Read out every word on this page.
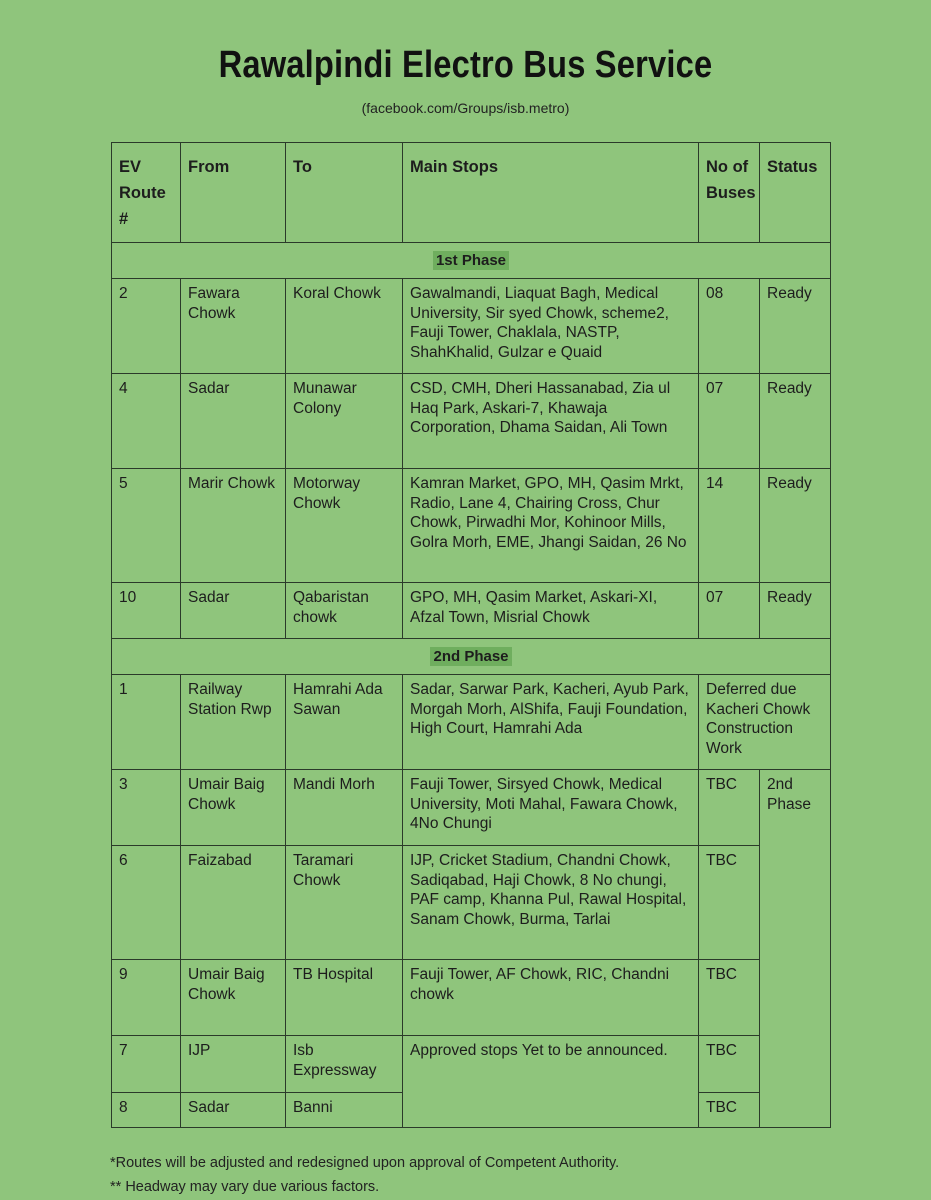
Rawalpindi Electro Bus Service
(facebook.com/Groups/isb.metro)
EV Route #	From	To	Main Stops	No of Buses	Status
1st Phase					
2	Fawara Chowk	Koral Chowk	Gawalmandi, Liaquat Bagh, Medical University, Sir syed Chowk, scheme2, Fauji Tower, Chaklala, NASTP, ShahKhalid, Gulzar e Quaid	08	Ready
4	Sadar	Munawar Colony	CSD, CMH, Dheri Hassanabad, Zia ul Haq Park, Askari-7, Khawaja Corporation, Dhama Saidan, Ali Town	07	Ready
5	Marir Chowk	Motorway Chowk	Kamran Market, GPO, MH, Qasim Mrkt, Radio, Lane 4, Chairing Cross, Chur Chowk, Pirwadhi Mor, Kohinoor Mills, Golra Morh, EME, Jhangi Saidan, 26 No	14	Ready
10	Sadar	Qabaristan chowk	GPO, MH, Qasim Market, Askari-XI, Afzal Town, Misrial Chowk	07	Ready
2nd Phase					
1	Railway Station Rwp	Hamrahi Ada Sawan	Sadar, Sarwar Park, Kacheri, Ayub Park, Morgah Morh, AlShifa, Fauji Foundation, High Court, Hamrahi Ada	Deferred due Kacheri Chowk Construction Work	
3	Umair Baig Chowk	Mandi Morh	Fauji Tower, Sirsyed Chowk, Medical University, Moti Mahal, Fawara Chowk, 4No Chungi	TBC	2nd Phase
6	Faizabad	Taramari Chowk	IJP, Cricket Stadium, Chandni Chowk, Sadiqabad, Haji Chowk, 8 No chungi, PAF camp, Khanna Pul, Rawal Hospital, Sanam Chowk, Burma, Tarlai	TBC	
9	Umair Baig Chowk	TB Hospital	Fauji Tower, AF Chowk, RIC, Chandni chowk	TBC	
7	IJP	Isb Expressway	Approved stops Yet to be announced.	TBC	
8	Sadar	Banni		TBC	
*Routes will be adjusted and redesigned upon approval of Competent Authority.
** Headway may vary due various factors.
